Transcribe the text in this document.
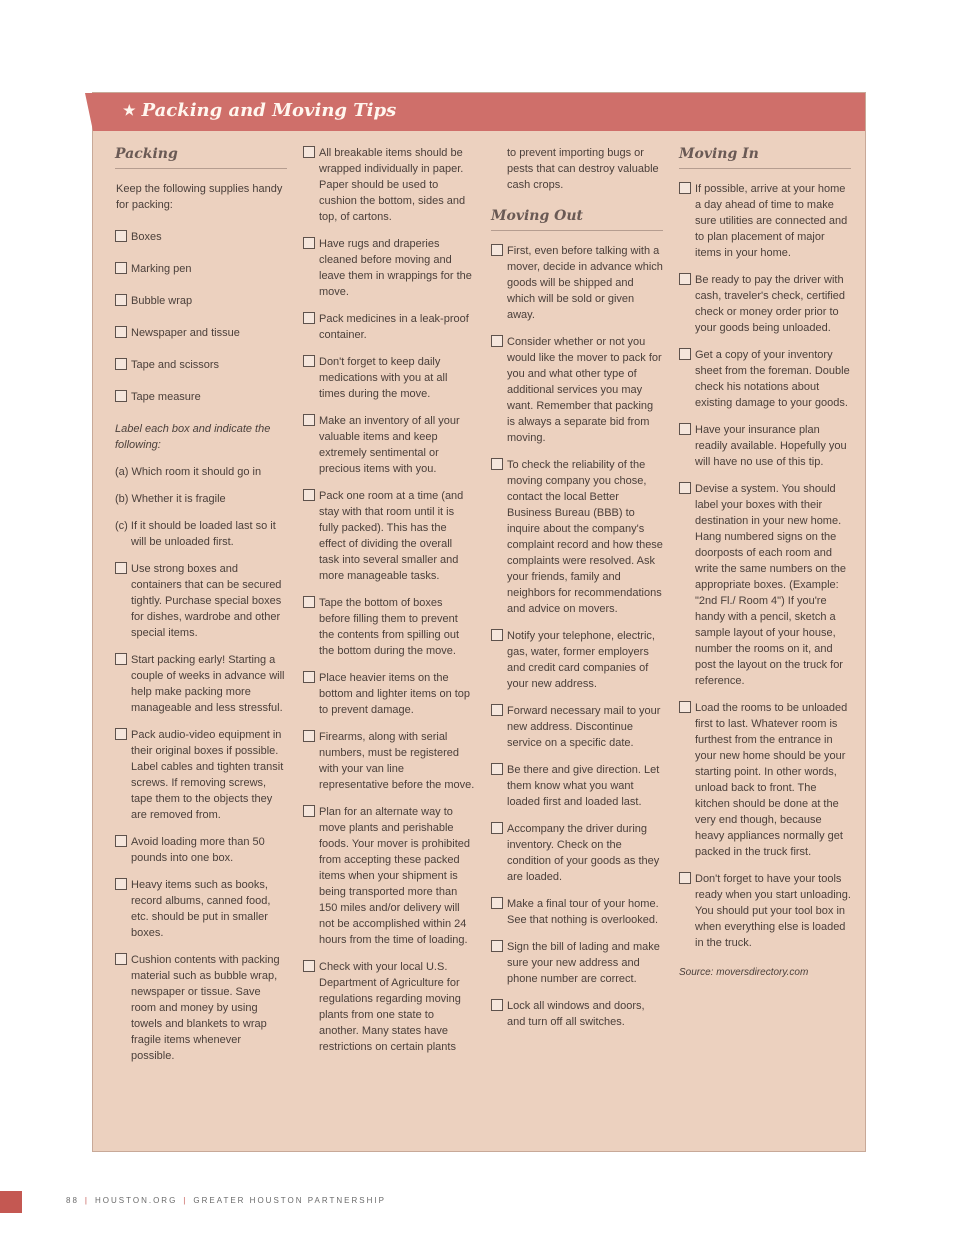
★ Packing and Moving Tips
Packing

Keep the following supplies handy for packing:

Boxes
Marking pen
Bubble wrap
Newspaper and tissue
Tape and scissors
Tape measure

Label each box and indicate the following:

(a) Which room it should go in

(b) Whether it is fragile

(c) If it should be loaded last so it will be unloaded first.

Use strong boxes and containers that can be secured tightly. Purchase special boxes for dishes, wardrobe and other special items.
Start packing early! Starting a couple of weeks in advance will help make packing more manageable and less stressful.
Pack audio-video equipment in their original boxes if possible. Label cables and tighten transit screws. If removing screws, tape them to the objects they are removed from.
Avoid loading more than 50 pounds into one box.
Heavy items such as books, record albums, canned food, etc. should be put in smaller boxes.
Cushion contents with packing material such as bubble wrap, newspaper or tissue. Save room and money by using towels and blankets to wrap fragile items whenever possible.
All breakable items should be wrapped individually in paper. Paper should be used to cushion the bottom, sides and top, of cartons.
Have rugs and draperies cleaned before moving and leave them in wrappings for the move.
Pack medicines in a leak-proof container.
Don't forget to keep daily medications with you at all times during the move.
Make an inventory of all your valuable items and keep extremely sentimental or precious items with you.
Pack one room at a time (and stay with that room until it is fully packed). This has the effect of dividing the overall task into several smaller and more manageable tasks.
Tape the bottom of boxes before filling them to prevent the contents from spilling out the bottom during the move.
Place heavier items on the bottom and lighter items on top to prevent damage.
Firearms, along with serial numbers, must be registered with your van line representative before the move.
Plan for an alternate way to move plants and perishable foods. Your mover is prohibited from accepting these packed items when your shipment is being transported more than 150 miles and/or delivery will not be accomplished within 24 hours from the time of loading.
Check with your local U.S. Department of Agriculture for regulations regarding moving plants from one state to another. Many states have restrictions on certain plants

to prevent importing bugs or pests that can destroy valuable cash crops.

Moving Out
First, even before talking with a mover, decide in advance which goods will be shipped and which will be sold or given away.
Consider whether or not you would like the mover to pack for you and what other type of additional services you may want. Remember that packing is always a separate bid from moving.
To check the reliability of the moving company you chose, contact the local Better Business Bureau (BBB) to inquire about the company's complaint record and how these complaints were resolved. Ask your friends, family and neighbors for recommendations and advice on movers.
Notify your telephone, electric, gas, water, former employers and credit card companies of your new address.
Forward necessary mail to your new address. Discontinue service on a specific date.
Be there and give direction. Let them know what you want loaded first and loaded last.
Accompany the driver during inventory. Check on the condition of your goods as they are loaded.
Make a final tour of your home. See that nothing is overlooked.
Sign the bill of lading and make sure your new address and phone number are correct.
Lock all windows and doors, and turn off all switches.
Moving In
If possible, arrive at your home a day ahead of time to make sure utilities are connected and to plan placement of major items in your home.
Be ready to pay the driver with cash, traveler's check, certified check or money order prior to your goods being unloaded.
Get a copy of your inventory sheet from the foreman. Double check his notations about existing damage to your goods.
Have your insurance plan readily available. Hopefully you will have no use of this tip.
Devise a system. You should label your boxes with their destination in your new home. Hang numbered signs on the doorposts of each room and write the same numbers on the appropriate boxes. (Example: "2nd Fl./ Room 4") If you're handy with a pencil, sketch a sample layout of your house, number the rooms on it, and post the layout on the truck for reference.
Load the rooms to be unloaded first to last. Whatever room is furthest from the entrance in your new home should be your starting point. In other words, unload back to front. The kitchen should be done at the very end though, because heavy appliances normally get packed in the truck first.
Don't forget to have your tools ready when you start unloading. You should put your tool box in when everything else is loaded in the truck.

Source: moversdirectory.com

88 | HOUSTON.ORG | GREATER HOUSTON PARTNERSHIP
